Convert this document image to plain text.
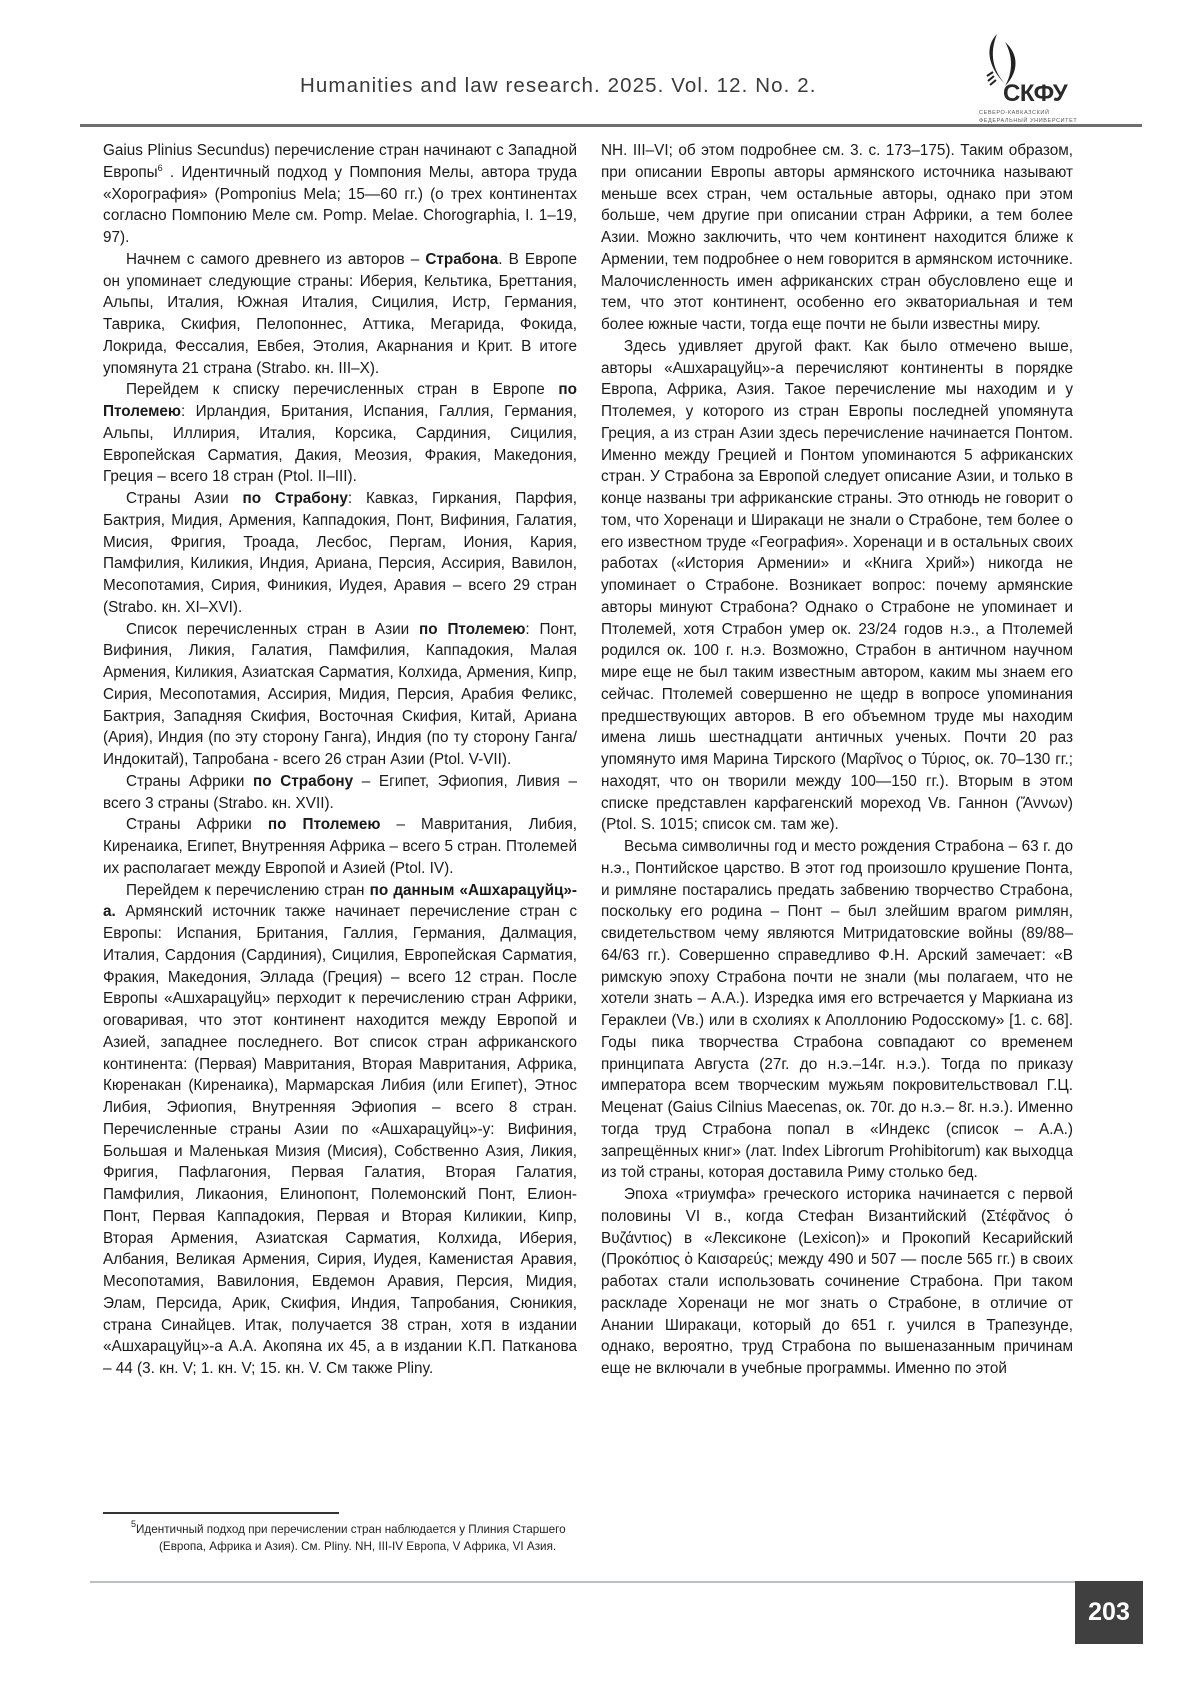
Humanities and law research. 2025. Vol. 12. No. 2.	СКФУ
СЕВЕРО-КАВКАЗСКИЙ
ФЕДЕРАЛЬНЫЙ УНИВЕРСИТЕТ

Gaius Plinius Secundus) перечисление стран начинают с Западной Европы$^6$ . Идентичный подход у Помпония Мелы, автора труда «Хорография» (Pomponius Mela; 15—60 гг.) (о трех континентах согласно Помпонию Меле см. Pomp. Melae. Chorographia, I. 1–19, 97).

Начнем с самого древнего из авторов – Страбона. В Европе он упоминает следующие страны: Иберия, Кельтика, Бреттания, Альпы, Италия, Южная Италия, Сицилия, Истр, Германия, Таврика, Скифия, Пелопоннес, Аттика, Мегарида, Фокида, Локрида, Фессалия, Евбея, Этолия, Акарнания и Крит. В итоге упомянута 21 страна (Strabo. кн. III–X).

Перейдем к списку перечисленных стран в Европе по Птолемею: Ирландия, Британия, Испания, Галлия, Германия, Альпы, Иллирия, Италия, Корсика, Сардиния, Сицилия, Европейская Сарматия, Дакия, Меозия, Фракия, Македония, Греция – всего 18 стран (Ptol. II–III).

Страны Азии по Страбону: Кавказ, Гиркания, Парфия, Бактрия, Мидия, Армения, Каппадокия, Понт, Вифиния, Галатия, Мисия, Фригия, Троада, Лесбос, Пергам, Иония, Кария, Памфилия, Киликия, Индия, Ариана, Персия, Ассирия, Вавилон, Месопотамия, Сирия, Финикия, Иудея, Аравия – всего 29 стран (Strabo. кн. XI–XVI).

Список перечисленных стран в Азии по Птолемею: Понт, Вифиния, Ликия, Галатия, Памфилия, Каппадокия, Малая Армения, Киликия, Азиатская Сарматия, Колхида, Армения, Кипр, Сирия, Месопотамия, Ассирия, Мидия, Персия, Арабия Феликс, Бактрия, Западняя Скифия, Восточная Скифия, Китай, Ариана (Ария), Индия (по эту сторону Ганга), Индия (по ту сторону Ганга/Индокитай), Тапробана - всего 26 стран Азии (Ptol. V-VII).

Страны Африки по Страбону – Египет, Эфиопия, Ливия – всего 3 страны (Strabo. кн. XVII).

Страны Африки по Птолемею – Мавритания, Либия, Киренаика, Египет, Внутренняя Африка – всего 5 стран. Птолемей их располагает между Европой и Азией (Ptol. IV).

Перейдем к перечислению стран по данным «Ашхарацуйц»-а. Армянский источник также начинает перечисление стран с Европы: Испания, Британия, Галлия, Германия, Далмация, Италия, Сардония (Сардиния), Сицилия, Европейская Сарматия, Фракия, Македония, Эллада (Греция) – всего 12 стран. После Европы «Ашхарацуйц» перходит к перечислению стран Африки, оговаривая, что этот континент находится между Европой и Азией, западнее последнего. Вот список стран африканского континента: (Первая) Мавритания, Вторая Мавритания, Африка, Кюренакан (Киренаика), Мармарская Либия (или Египет), Этнос Либия, Эфиопия, Внутренняя Эфиопия – всего 8 стран. Перечисленные страны Азии по «Ашхарацуйц»-у: Вифиния, Большая и Маленькая Мизия (Мисия), Собственно Азия, Ликия, Фригия, Пафлагония, Первая Галатия, Вторая Галатия, Памфилия, Ликаония, Елинопонт, Полемонский Понт, Елион-Понт, Первая Каппадокия, Первая и Вторая Киликии, Кипр, Вторая Армения, Азиатская Сарматия, Колхида, Иберия, Албания, Великая Армения, Сирия, Иудея, Каменистая Аравия, Месопотамия, Вавилония, Евдемон Аравия, Персия, Мидия, Элам, Персида, Арик, Скифия, Индия, Тапробания, Сюникия, страна Синайцев. Итак, получается 38 стран, хотя в издании «Ашхарацуйц»-а А.А. Акопяна их 45, а в издании К.П. Патканова – 44 (3. кн. V; 1. кн. V; 15. кн. V. См также Pliny.

$^5$Идентичный подход при перечислении стран наблюдается у Плиния Старшего (Европа, Африка и Азия). См. Pliny. NH, III-IV Европа, V Африка, VI Азия.

NH. III–VI; об этом подробнее см. 3. с. 173–175). Таким образом, при описании Европы авторы армянского источника называют меньше всех стран, чем остальные авторы, однако при этом больше, чем другие при описании стран Африки, а тем более Азии. Можно заключить, что чем континент находится ближе к Армении, тем подробнее о нем говорится в армянском источнике. Малочисленность имен африканских стран обусловлено еще и тем, что этот континент, особенно его экваториальная и тем более южные части, тогда еще почти не были известны миру.

Здесь удивляет другой факт. Как было отмечено выше, авторы «Ашхарацуйц»-а перечисляют континенты в порядке Европа, Африка, Азия. Такое перечисление мы находим и у Птолемея, у которого из стран Европы последней упомянута Греция, а из стран Азии здесь перечисление начинается Понтом. Именно между Грецией и Понтом упоминаются 5 африканских стран. У Страбона за Европой следует описание Азии, и только в конце названы три африканские страны. Это отнюдь не говорит о том, что Хоренаци и Ширакаци не знали о Страбоне, тем более о его известном труде «География». Хоренаци и в остальных своих работах («История Армении» и «Книга Хрий») никогда не упоминает о Страбоне. Возникает вопрос: почему армянские авторы минуют Страбона? Однако о Страбоне не упоминает и Птолемей, хотя Страбон умер ок. 23/24 годов н.э., а Птолемей родился ок. 100 г. н.э. Возможно, Страбон в античном научном мире еще не был таким известным автором, каким мы знаем его сейчас. Птолемей совершенно не щедр в вопросе упоминания предшествующих авторов. В его объемном труде мы находим имена лишь шестнадцати античных ученых. Почти 20 раз упомянуто имя Марина Тирского (Μαρῖνος ο Τύριος, ок. 70–130 гг.; находят, что он творили между 100—150 гг.). Вторым в этом списке представлен карфагенский мореход Vв. Ганнон (Ἄννων) (Ptol. S. 1015; список см. там же).

Весьма символичны год и место рождения Страбона – 63 г. до н.э., Понтийское царство. В этот год произошло крушение Понта, и римляне постарались предать забвению творчество Страбона, поскольку его родина – Понт – был злейшим врагом римлян, свидетельством чему являются Митридатовские войны (89/88–64/63 гг.). Совершенно справедливо Ф.Н. Арский замечает: «В римскую эпоху Страбона почти не знали (мы полагаем, что не хотели знать – А.А.). Изредка имя его встречается у Маркиана из Гераклеи (Vв.) или в схолиях к Аполлонию Родосскому» [1. с. 68]. Годы пика творчества Страбона совпадают со временем принципата Августа (27г. до н.э.–14г. н.э.). Тогда по приказу императора всем творческим мужьям покровительствовал Г.Ц. Меценат (Gaius Cilnius Maecenas, ок. 70г. до н.э.– 8г. н.э.). Именно тогда труд Страбона попал в «Индекс (список – А.А.) запрещённых книг» (лат. Index Librorum Prohibitorum) как выходца из той страны, которая доставила Риму столько бед.

Эпоха «триумфа» греческого историка начинается с первой половины VI в., когда Стефан Византийский (Στέφᾰνος ὁ Βυζάντιος) в «Лексиконе (Lexicon)» и Прокопий Кесарийский (Προκόπιος ὁ Καισαρεύς; между 490 и 507 — после 565 гг.) в своих работах стали использовать сочинение Страбона. При таком раскладе Хоренаци не мог знать о Страбоне, в отличие от Анании Ширакаци, который до 651 г. учился в Трапезунде, однако, вероятно, труд Страбона по вышеназанным причинам еще не включали в учебные программы. Именно по этой

203
